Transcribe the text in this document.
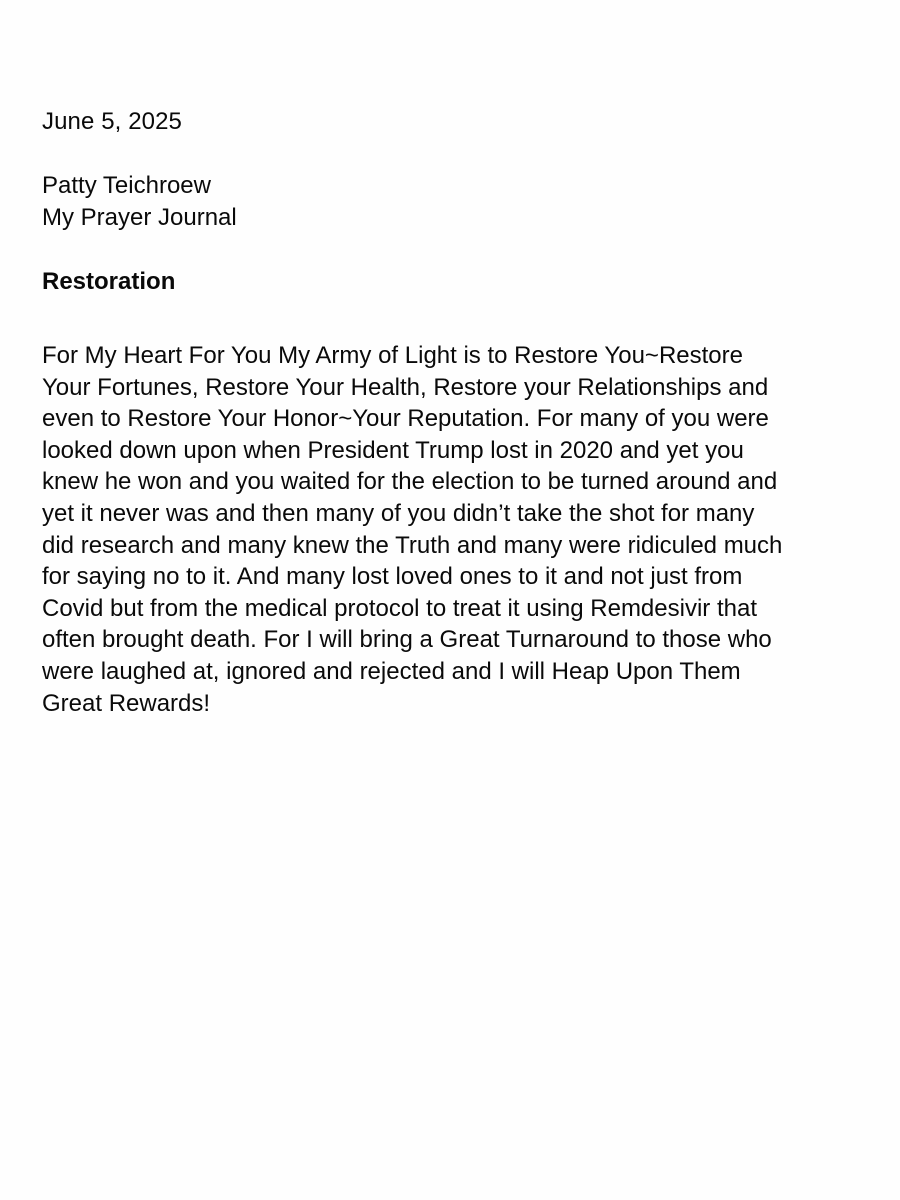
June 5, 2025
Patty Teichroew
My Prayer Journal
Restoration
For My Heart For You My Army of Light is to Restore You~Restore
Your Fortunes, Restore Your Health, Restore your Relationships and
even to Restore Your Honor~Your Reputation. For many of you were
looked down upon when President Trump lost in 2020 and yet you
knew he won and you waited for the election to be turned around and
yet it never was and then many of you didn’t take the shot for many
did research and many knew the Truth and many were ridiculed much
for saying no to it. And many lost loved ones to it and not just from
Covid but from the medical protocol to treat it using Remdesivir that
often brought death. For I will bring a Great Turnaround to those who
were laughed at, ignored and rejected and I will Heap Upon Them
Great Rewards!
